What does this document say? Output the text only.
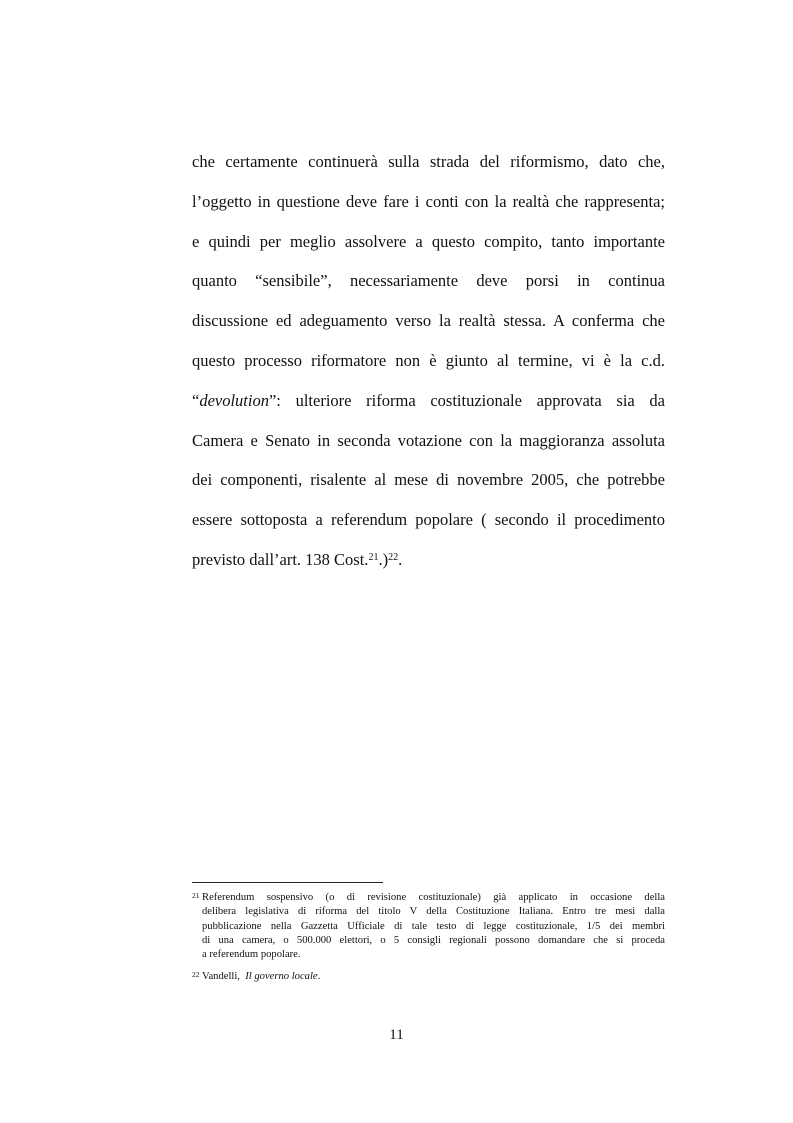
che certamente continuerà sulla strada del riformismo, dato che,
l’oggetto in questione deve fare i conti con la realtà che rappresenta;
e quindi per meglio assolvere a questo compito, tanto importante
quanto “sensibile”, necessariamente deve porsi in continua
discussione ed adeguamento verso la realtà stessa. A conferma che
questo processo riformatore non è giunto al termine, vi è la c.d.
“devolution”: ulteriore riforma costituzionale approvata sia da
Camera e Senato in seconda votazione con la maggioranza assoluta
dei componenti, risalente al mese di novembre 2005, che potrebbe
essere sottoposta a referendum popolare ( secondo il procedimento
previsto dall’art. 138 Cost.$^{21}$.)$^{22}$.
21 Referendum sospensivo (o di revisione costituzionale) già applicato in occasione della
delibera legislativa di riforma del titolo V della Costituzione Italiana. Entro tre mesi dalla
pubblicazione nella Gazzetta Ufficiale di tale testo di legge costituzionale, 1/5 dei membri
di una camera, o 500.000 elettori, o 5 consigli regionali possono domandare che si proceda
a referendum popolare.
22 Vandelli, Il governo locale.
11
